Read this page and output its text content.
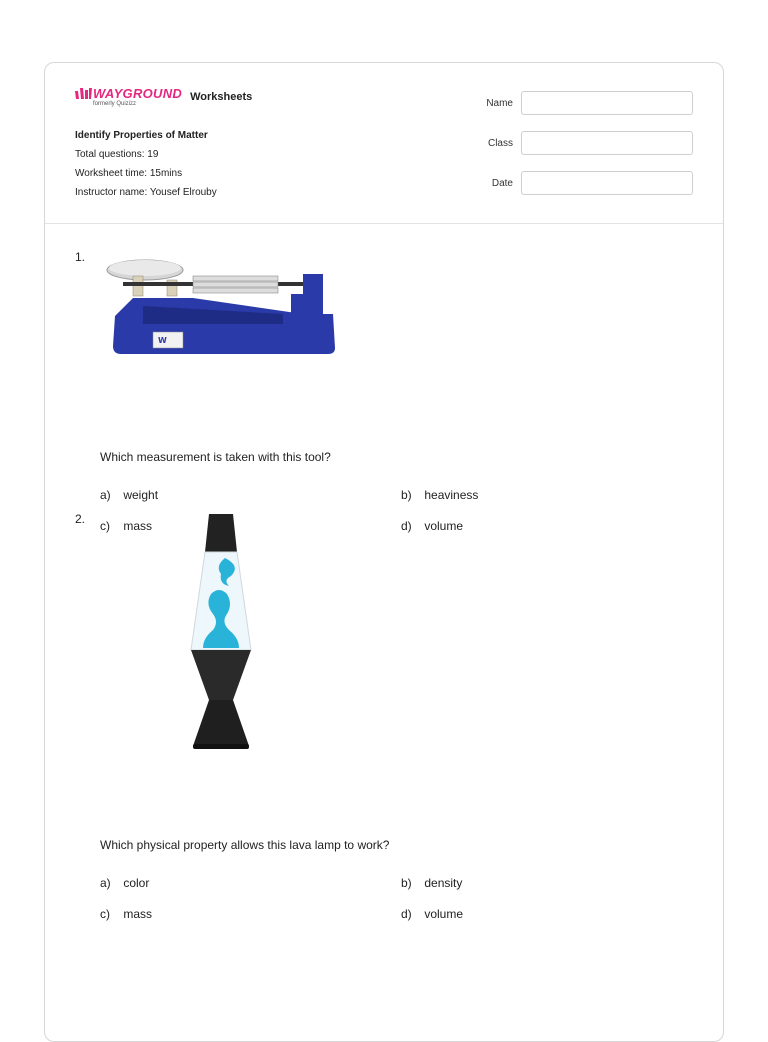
WAYGROUND
formerly Quizizz
Worksheets
Identify Properties of Matter
Total questions: 19
Worksheet time: 15mins
Instructor name: Yousef Elrouby
Name
Class
Date
1.
W
Which measurement is taken with this tool?
a) weight	b) heaviness
c) mass	d) volume
2.
Which physical property allows this lava lamp to work?
a) color	b) density
c) mass	d) volume
